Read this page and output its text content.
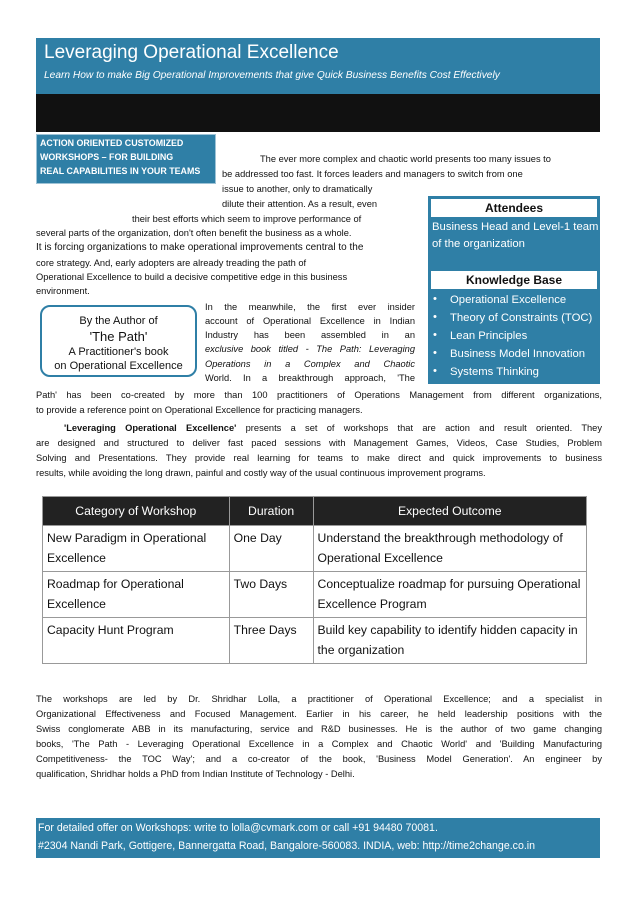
Leveraging Operational Excellence
Learn How to make Big Operational Improvements that give Quick Business Benefits Cost Effectively
ACTION ORIENTED CUSTOMIZED
WORKSHOPS – FOR BUILDING
REAL CAPABILITIES IN YOUR TEAMS
The ever more complex and chaotic world presents too many issues to
be addressed too fast. It forces leaders and managers to switch from one
issue to another, only to dramatically
dilute their attention. As a result, even
their best efforts which seem to improve performance of
several parts of the organization, don't often benefit the business as a whole.
It is forcing organizations to make operational improvements central to the
core strategy. And, early adopters are already treading the path of
Operational Excellence to build a decisive competitive edge in this business
environment.
Attendees
Business Head and Level-1 team
of the organization
Knowledge Base
• Operational Excellence
• Theory of Constraints (TOC)
• Lean Principles
• Business Model Innovation
• Systems Thinking
By the Author of
'The Path'
A Practitioner's book
on Operational Excellence
In the meanwhile, the first ever insider
account of Operational Excellence in Indian
Industry has been assembled in an
exclusive book titled - The Path: Leveraging
Operations in a Complex and Chaotic
World. In a breakthrough approach, 'The
Path' has been co-created by more than 100 practitioners of Operations Management from different organizations,
to provide a reference point on Operational Excellence for practicing managers.
'Leveraging Operational Excellence' presents a set of workshops that are action and result oriented. They
are designed and structured to deliver fast paced sessions with Management Games, Videos, Case Studies, Problem
Solving and Presentations. They provide real learning for teams to make direct and quick improvements to business
results, while avoiding the long drawn, painful and costly way of the usual continuous improvement programs.
Category of Workshop	Duration	Expected Outcome
New Paradigm in Operational Excellence	One Day	Understand the breakthrough methodology of Operational Excellence
Roadmap for Operational Excellence	Two Days	Conceptualize roadmap for pursuing Operational Excellence Program
Capacity Hunt Program	Three Days	Build key capability to identify hidden capacity in the organization
The workshops are led by Dr. Shridhar Lolla, a practitioner of Operational Excellence; and a specialist in
Organizational Effectiveness and Focused Management. Earlier in his career, he held leadership positions with the
Swiss conglomerate ABB in its manufacturing, service and R&D businesses. He is the author of two game changing
books, 'The Path - Leveraging Operational Excellence in a Complex and Chaotic World' and 'Building Manufacturing
Competitiveness- the TOC Way'; and a co-creator of the book, 'Business Model Generation'. An engineer by
qualification, Shridhar holds a PhD from Indian Institute of Technology - Delhi.
For detailed offer on Workshops: write to lolla@cvmark.com or call +91 94480 70081.
#2304 Nandi Park, Gottigere, Bannergatta Road, Bangalore-560083. INDIA, web: http://time2change.co.in
